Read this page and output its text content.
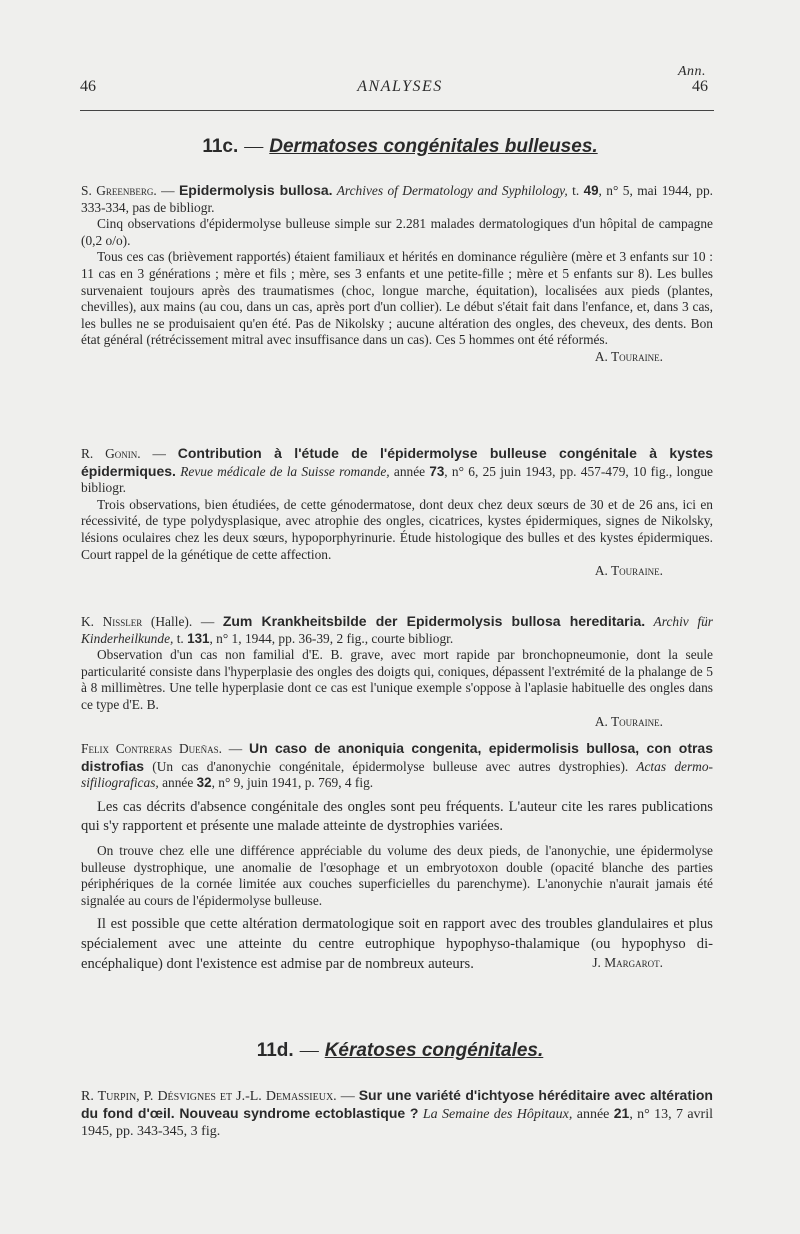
Ann.
46	ANALYSES	46
11c. — Dermatoses congénitales bulleuses.

S. Greenberg. — Epidermolysis bullosa. Archives of Dermatology and Syphilology, t. 49, n° 5, mai 1944, pp. 333-334, pas de bibliogr.

Cinq observations d'épidermolyse bulleuse simple sur 2.281 malades dermatologiques d'un hôpital de campagne (0,2 o/o).

Tous ces cas (brièvement rapportés) étaient familiaux et hérités en dominance régulière (mère et 3 enfants sur 10 : 11 cas en 3 générations ; mère et fils ; mère, ses 3 enfants et une petite-fille ; mère et 5 enfants sur 8). Les bulles survenaient toujours après des traumatismes (choc, longue marche, équitation), localisées aux pieds (plantes, chevilles), aux mains (au cou, dans un cas, après port d'un collier). Le début s'était fait dans l'enfance, et, dans 3 cas, les bulles ne se produisaient qu'en été. Pas de Nikolsky ; aucune altération des ongles, des cheveux, des dents. Bon état général (rétrécissement mitral avec insuffisance dans un cas). Ces 5 hommes ont été réformés.

A. Touraine.

R. Gonin. — Contribution à l'étude de l'épidermolyse bulleuse congénitale à kystes épidermiques. Revue médicale de la Suisse romande, année 73, n° 6, 25 juin 1943, pp. 457-479, 10 fig., longue bibliogr.

Trois observations, bien étudiées, de cette génodermatose, dont deux chez deux sœurs de 30 et de 26 ans, ici en récessivité, de type polydysplasique, avec atrophie des ongles, cicatrices, kystes épidermiques, signes de Nikolsky, lésions oculaires chez les deux sœurs, hypoporphyrinurie. Étude histologique des bulles et des kystes épidermiques. Court rappel de la génétique de cette affection.

A. Touraine.

K. Nissler (Halle). — Zum Krankheitsbilde der Epidermolysis bullosa hereditaria. Archiv für Kinderheilkunde, t. 131, n° 1, 1944, pp. 36-39, 2 fig., courte bibliogr.

Observation d'un cas non familial d'E. B. grave, avec mort rapide par bronchopneumonie, dont la seule particularité consiste dans l'hyperplasie des ongles des doigts qui, coniques, dépassent l'extrémité de la phalange de 5 à 8 millimètres. Une telle hyperplasie dont ce cas est l'unique exemple s'oppose à l'aplasie habituelle des ongles dans ce type d'E. B.

A. Touraine.

Felix Contreras Dueñas. — Un caso de anoniquia congenita, epidermolisis bullosa, con otras distrofias (Un cas d'anonychie congénitale, épidermolyse bulleuse avec autres dystrophies). Actas dermo-sifiliograficas, année 32, n° 9, juin 1941, p. 769, 4 fig.

Les cas décrits d'absence congénitale des ongles sont peu fréquents. L'auteur cite les rares publications qui s'y rapportent et présente une malade atteinte de dystrophies variées.

On trouve chez elle une différence appréciable du volume des deux pieds, de l'anonychie, une épidermolyse bulleuse dystrophique, une anomalie de l'œsophage et un embryotoxon double (opacité blanche des parties périphériques de la cornée limitée aux couches superficielles du parenchyme). L'anonychie n'aurait jamais été signalée au cours de l'épidermolyse bulleuse.

Il est possible que cette altération dermatologique soit en rapport avec des troubles glandulaires et plus spécialement avec une atteinte du centre eutrophique hypophyso-thalamique (ou hypophyso di-encéphalique) dont l'existence est admise par de nombreux auteurs.	J. Margarot.
11d. — Kératoses congénitales.

R. Turpin, P. Désvignes et J.-L. Demassieux. — Sur une variété d'ichtyose héréditaire avec altération du fond d'œil. Nouveau syndrome ectoblastique ? La Semaine des Hôpitaux, année 21, n° 13, 7 avril 1945, pp. 343-345, 3 fig.
